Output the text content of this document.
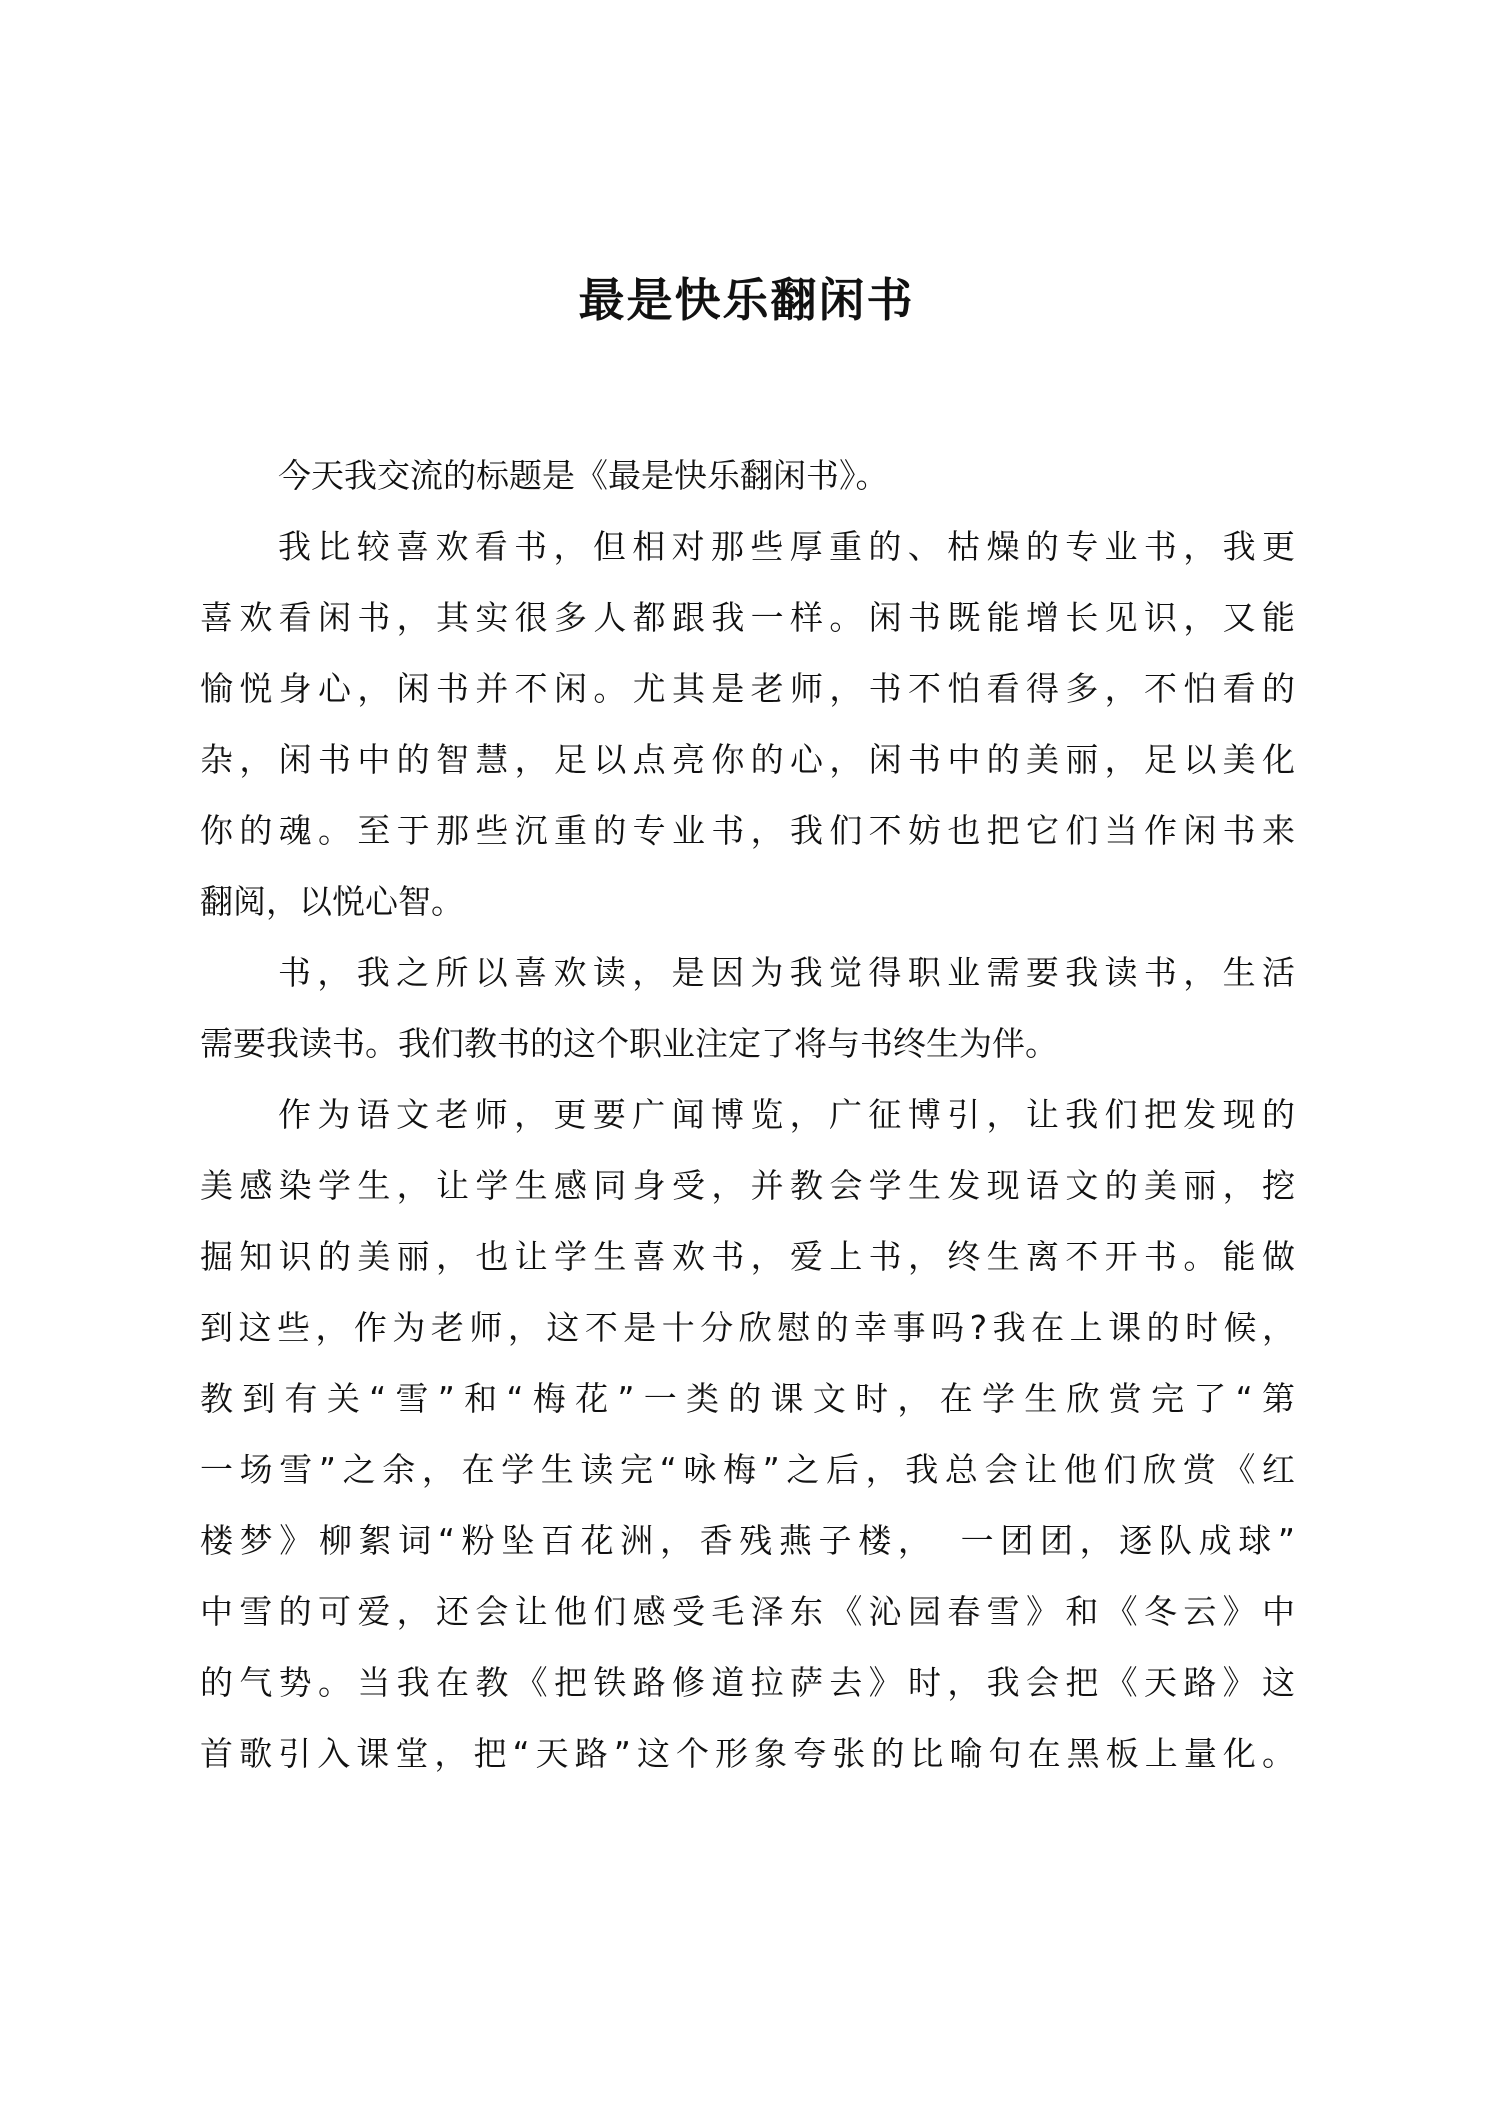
最是快乐翻闲书
今天我交流的标题是《最是快乐翻闲书》。
我比较喜欢看书，但相对那些厚重的、枯燥的专业书，我更
喜欢看闲书，其实很多人都跟我一样。闲书既能增长见识，又能
愉悦身心，闲书并不闲。尤其是老师，书不怕看得多，不怕看的
杂，闲书中的智慧，足以点亮你的心，闲书中的美丽，足以美化
你的魂。至于那些沉重的专业书，我们不妨也把它们当作闲书来
翻阅，以悦心智。
书，我之所以喜欢读，是因为我觉得职业需要我读书，生活
需要我读书。我们教书的这个职业注定了将与书终生为伴。
作为语文老师，更要广闻博览，广征博引，让我们把发现的
美感染学生，让学生感同身受，并教会学生发现语文的美丽，挖
掘知识的美丽，也让学生喜欢书，爱上书，终生离不开书。能做
到这些，作为老师，这不是十分欣慰的幸事吗?我在上课的时候，
教到有关“雪”和“梅花”一类的课文时，在学生欣赏完了“第
一场雪”之余，在学生读完“咏梅”之后，我总会让他们欣赏《红
楼梦》柳絮词“粉坠百花洲，香残燕子楼，　一团团，逐队成球”
中雪的可爱，还会让他们感受毛泽东《沁园春雪》和《冬云》中
的气势。当我在教《把铁路修道拉萨去》时，我会把《天路》这
首歌引入课堂，把“天路”这个形象夸张的比喻句在黑板上量化。
